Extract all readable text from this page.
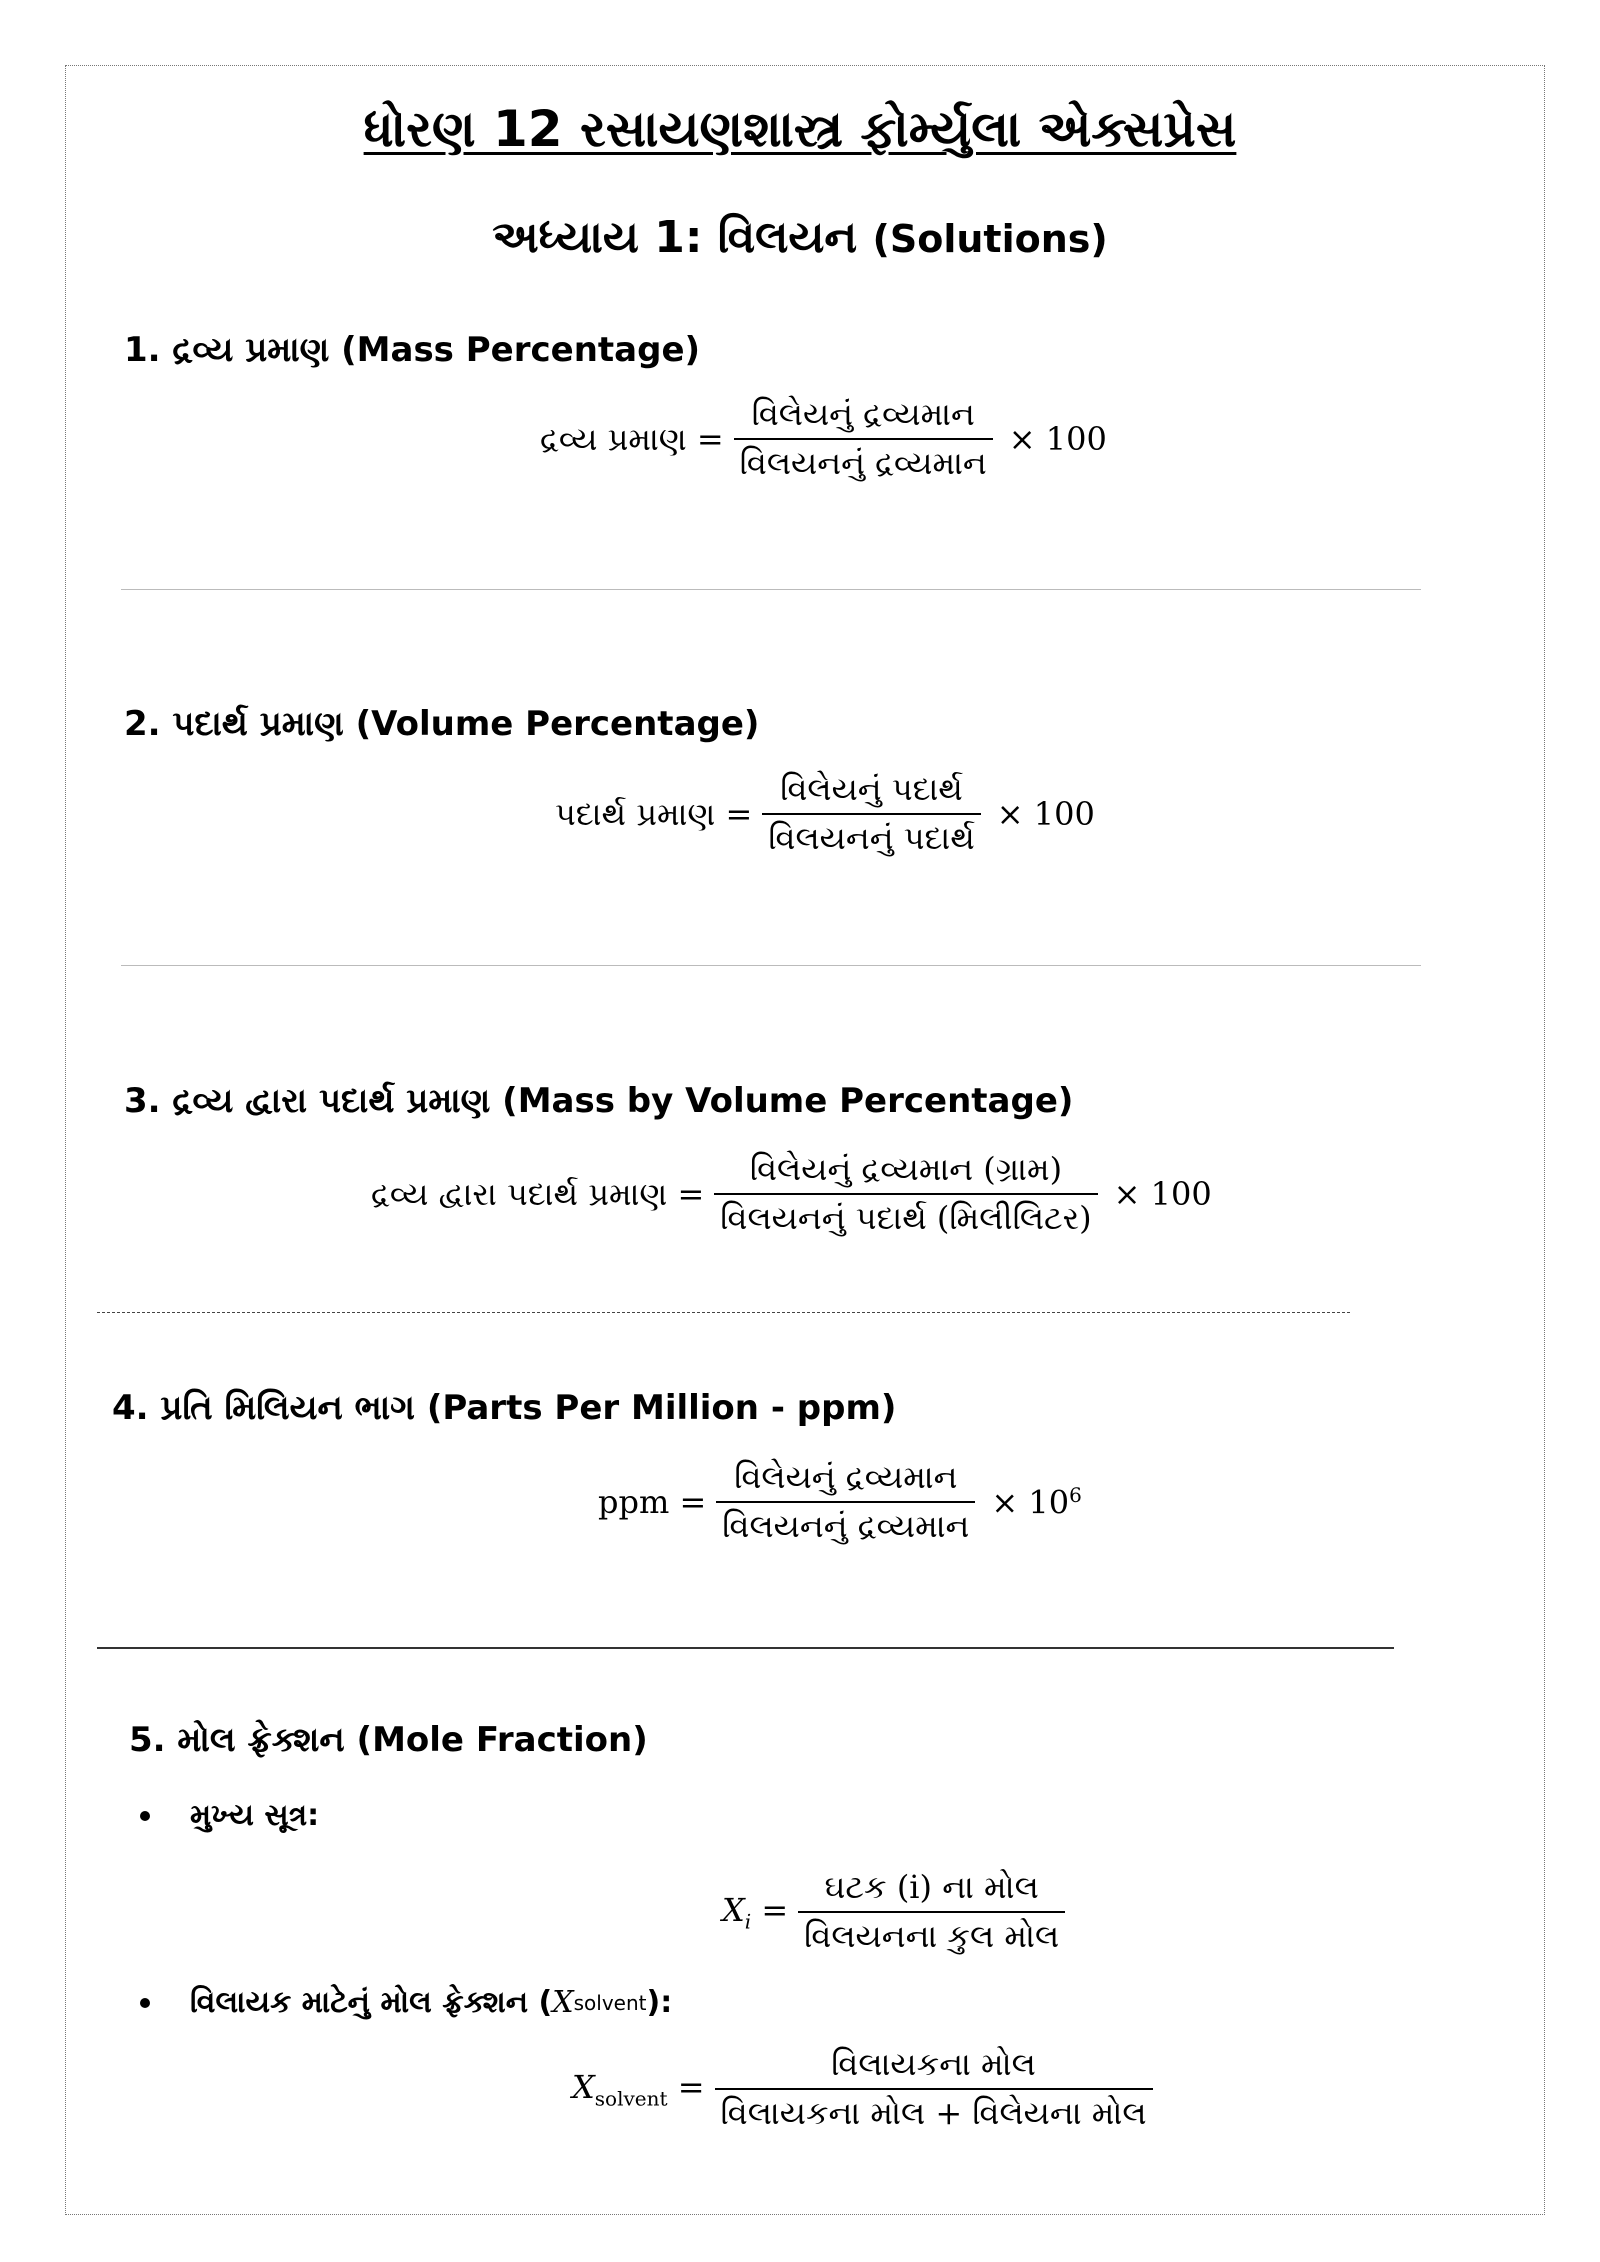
ધોરણ 12 રસાયણશાસ્ત્ર ફોર્મ્યુલા એક્સપ્રેસ
અધ્યાય 1: વિલયન (Solutions)
1. દ્રવ્ય પ્રમાણ (Mass Percentage)
દ્રવ્ય પ્રમાણ = $\frac{\text{વિલેયનું દ્રવ્યમાન}}{\text{વિલયનનું દ્રવ્યમાન}} \times 100$
2. પદાર્થ પ્રમાણ (Volume Percentage)
પદાર્થ પ્રમાણ = $\frac{\text{વિલેયનું પદાર્થ}}{\text{વિલયનનું પદાર્થ}} \times 100$
3. દ્રવ્ય દ્વારા પદાર્થ પ્રમાણ (Mass by Volume Percentage)
દ્રવ્ય દ્વારા પદાર્થ પ્રમાણ = $\frac{\text{વિલેયનું દ્રવ્યમાન (ગ્રામ)}}{\text{વિલયનનું પદાર્થ (મિલીલિટર)}} \times 100$
4. પ્રતિ મિલિયન ભાગ (Parts Per Million - ppm)
ppm = $\frac{\text{વિલેયનું દ્રવ્યમાન}}{\text{વિલયનનું દ્રવ્યમાન}} \times 10^6$
5. મોલ ફ્રેક્શન (Mole Fraction)
મુખ્ય સૂત્ર:
$X_i = \frac{\text{ઘટક (i) ના મોલ}}{\text{વિલયનના કુલ મોલ}}$
વિલાયક માટેનું મોલ ફ્રેક્શન ( X solvent ):
$X_{solvent} = \frac{\text{વિલાયકના મોલ}}{\text{વિલાયકના મોલ + વિલેયના મોલ}}$
